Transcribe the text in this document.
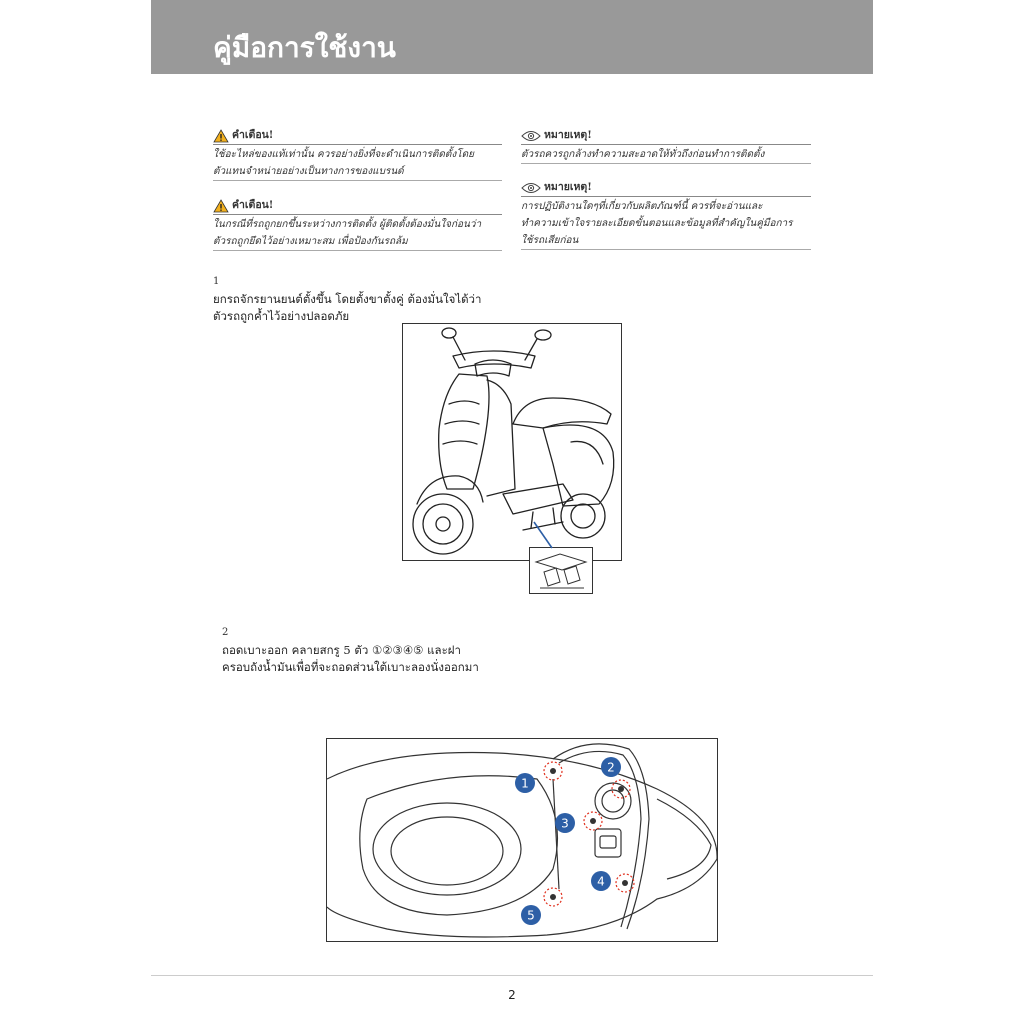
คู่มือการใช้งาน
คำเตือน!
ใช้อะไหล่ของแท้เท่านั้น ควรอย่างยิ่งที่จะดำเนินการติดตั้งโดย
ตัวแทนจำหน่ายอย่างเป็นทางการของแบรนด์
คำเตือน!
ในกรณีที่รถถูกยกขึ้นระหว่างการติดตั้ง ผู้ติดตั้งต้องมั่นใจก่อนว่า
ตัวรถถูกยึดไว้อย่างเหมาะสม เพื่อป้องกันรถล้ม
หมายเหตุ!
ตัวรถควรถูกล้างทำความสะอาดให้ทั่วถึงก่อนทำการติดตั้ง
หมายเหตุ!
การปฏิบัติงานใดๆที่เกี่ยวกับผลิตภัณฑ์นี้ ควรที่จะอ่านและ
ทำความเข้าใจรายละเอียดขั้นตอนและข้อมูลที่สำคัญในคู่มือการ
ใช้รถเสียก่อน
1
ยกรถจักรยานยนต์ตั้งขึ้น โดยตั้งขาตั้งคู่ ต้องมั่นใจได้ว่า
ตัวรถถูกค้ำไว้อย่างปลอดภัย
2
ถอดเบาะออก คลายสกรู 5 ตัว ①②③④⑤ และฝา
ครอบถังน้ำมันเพื่อที่จะถอดส่วนใต้เบาะลองนั่งออกมา
1
2
3
4
5
2
